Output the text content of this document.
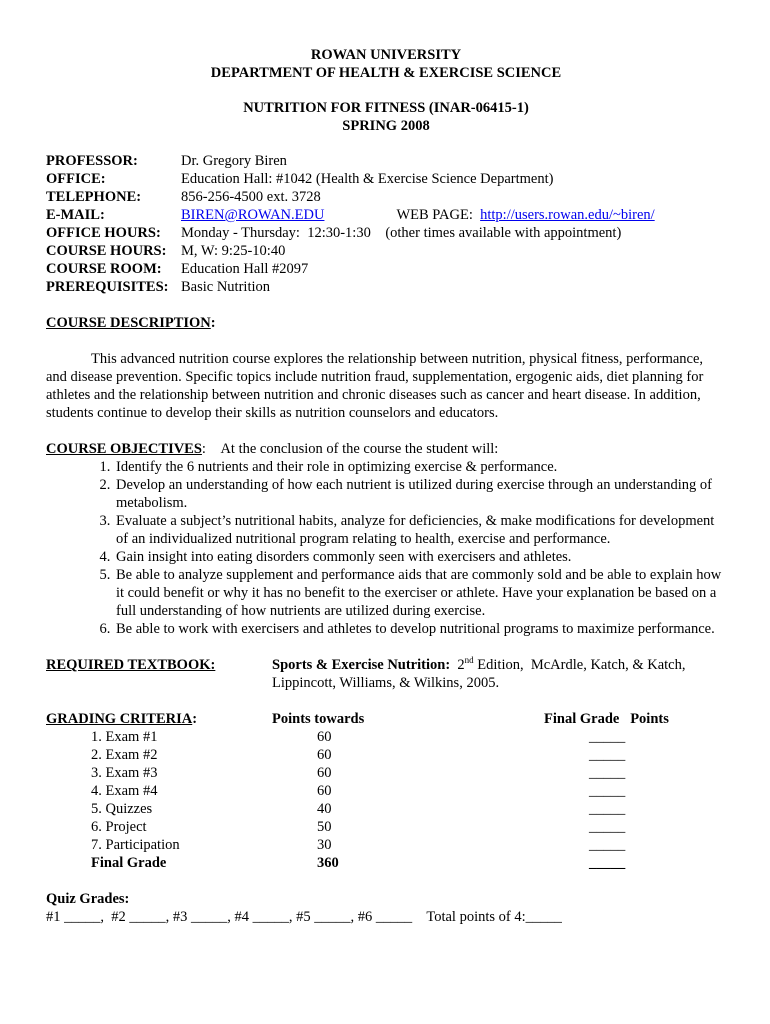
ROWAN UNIVERSITY
DEPARTMENT OF HEALTH & EXERCISE SCIENCE
NUTRITION FOR FITNESS (INAR-06415-1)
SPRING 2008
PROFESSOR:	Dr. Gregory Biren
OFFICE:	Education Hall: #1042 (Health & Exercise Science Department)
TELEPHONE:	856-256-4500 ext. 3728
E-MAIL:	BIREN@ROWAN.EDU	WEB PAGE: http://users.rowan.edu/~biren/
OFFICE HOURS:	Monday - Thursday:  12:30-1:30    (other times available with appointment)
COURSE HOURS:	M, W: 9:25-10:40
COURSE ROOM:	Education Hall #2097
PREREQUISITES: Basic Nutrition
COURSE DESCRIPTION:

This advanced nutrition course explores the relationship between nutrition, physical fitness, performance, and disease prevention. Specific topics include nutrition fraud, supplementation, ergogenic aids, diet planning for athletes and the relationship between nutrition and chronic diseases such as cancer and heart disease. In addition, students continue to develop their skills as nutrition counselors and educators.

COURSE OBJECTIVES:    At the conclusion of the course the student will:
1. Identify the 6 nutrients and their role in optimizing exercise & performance.
2. Develop an understanding of how each nutrient is utilized during exercise through an understanding of metabolism.
3. Evaluate a subject’s nutritional habits, analyze for deficiencies, & make modifications for development of an individualized nutritional program relating to health, exercise and performance.
4. Gain insight into eating disorders commonly seen with exercisers and athletes.
5. Be able to analyze supplement and performance aids that are commonly sold and be able to explain how it could benefit or why it has no benefit to the exerciser or athlete. Have your explanation be based on a full understanding of how nutrients are utilized during exercise.
6. Be able to work with exercisers and athletes to develop nutritional programs to maximize performance.
REQUIRED TEXTBOOK:	Sports & Exercise Nutrition: 2nd Edition,  McArdle, Katch, & Katch,
Lippincott, Williams, & Wilkins, 2005.
GRADING CRITERIA:	Points towards	Final Grade   Points
1. Exam #1	60	_____
2. Exam #2	60	_____
3. Exam #3	60	_____
4. Exam #4	60	_____
5. Quizzes	40	_____
6. Project	50	_____
7. Participation	30	_____
Final Grade	360	_____
Quiz Grades:
#1 _____,  #2 _____, #3 _____, #4 _____, #5 _____, #6 _____    Total points of 4:_____
